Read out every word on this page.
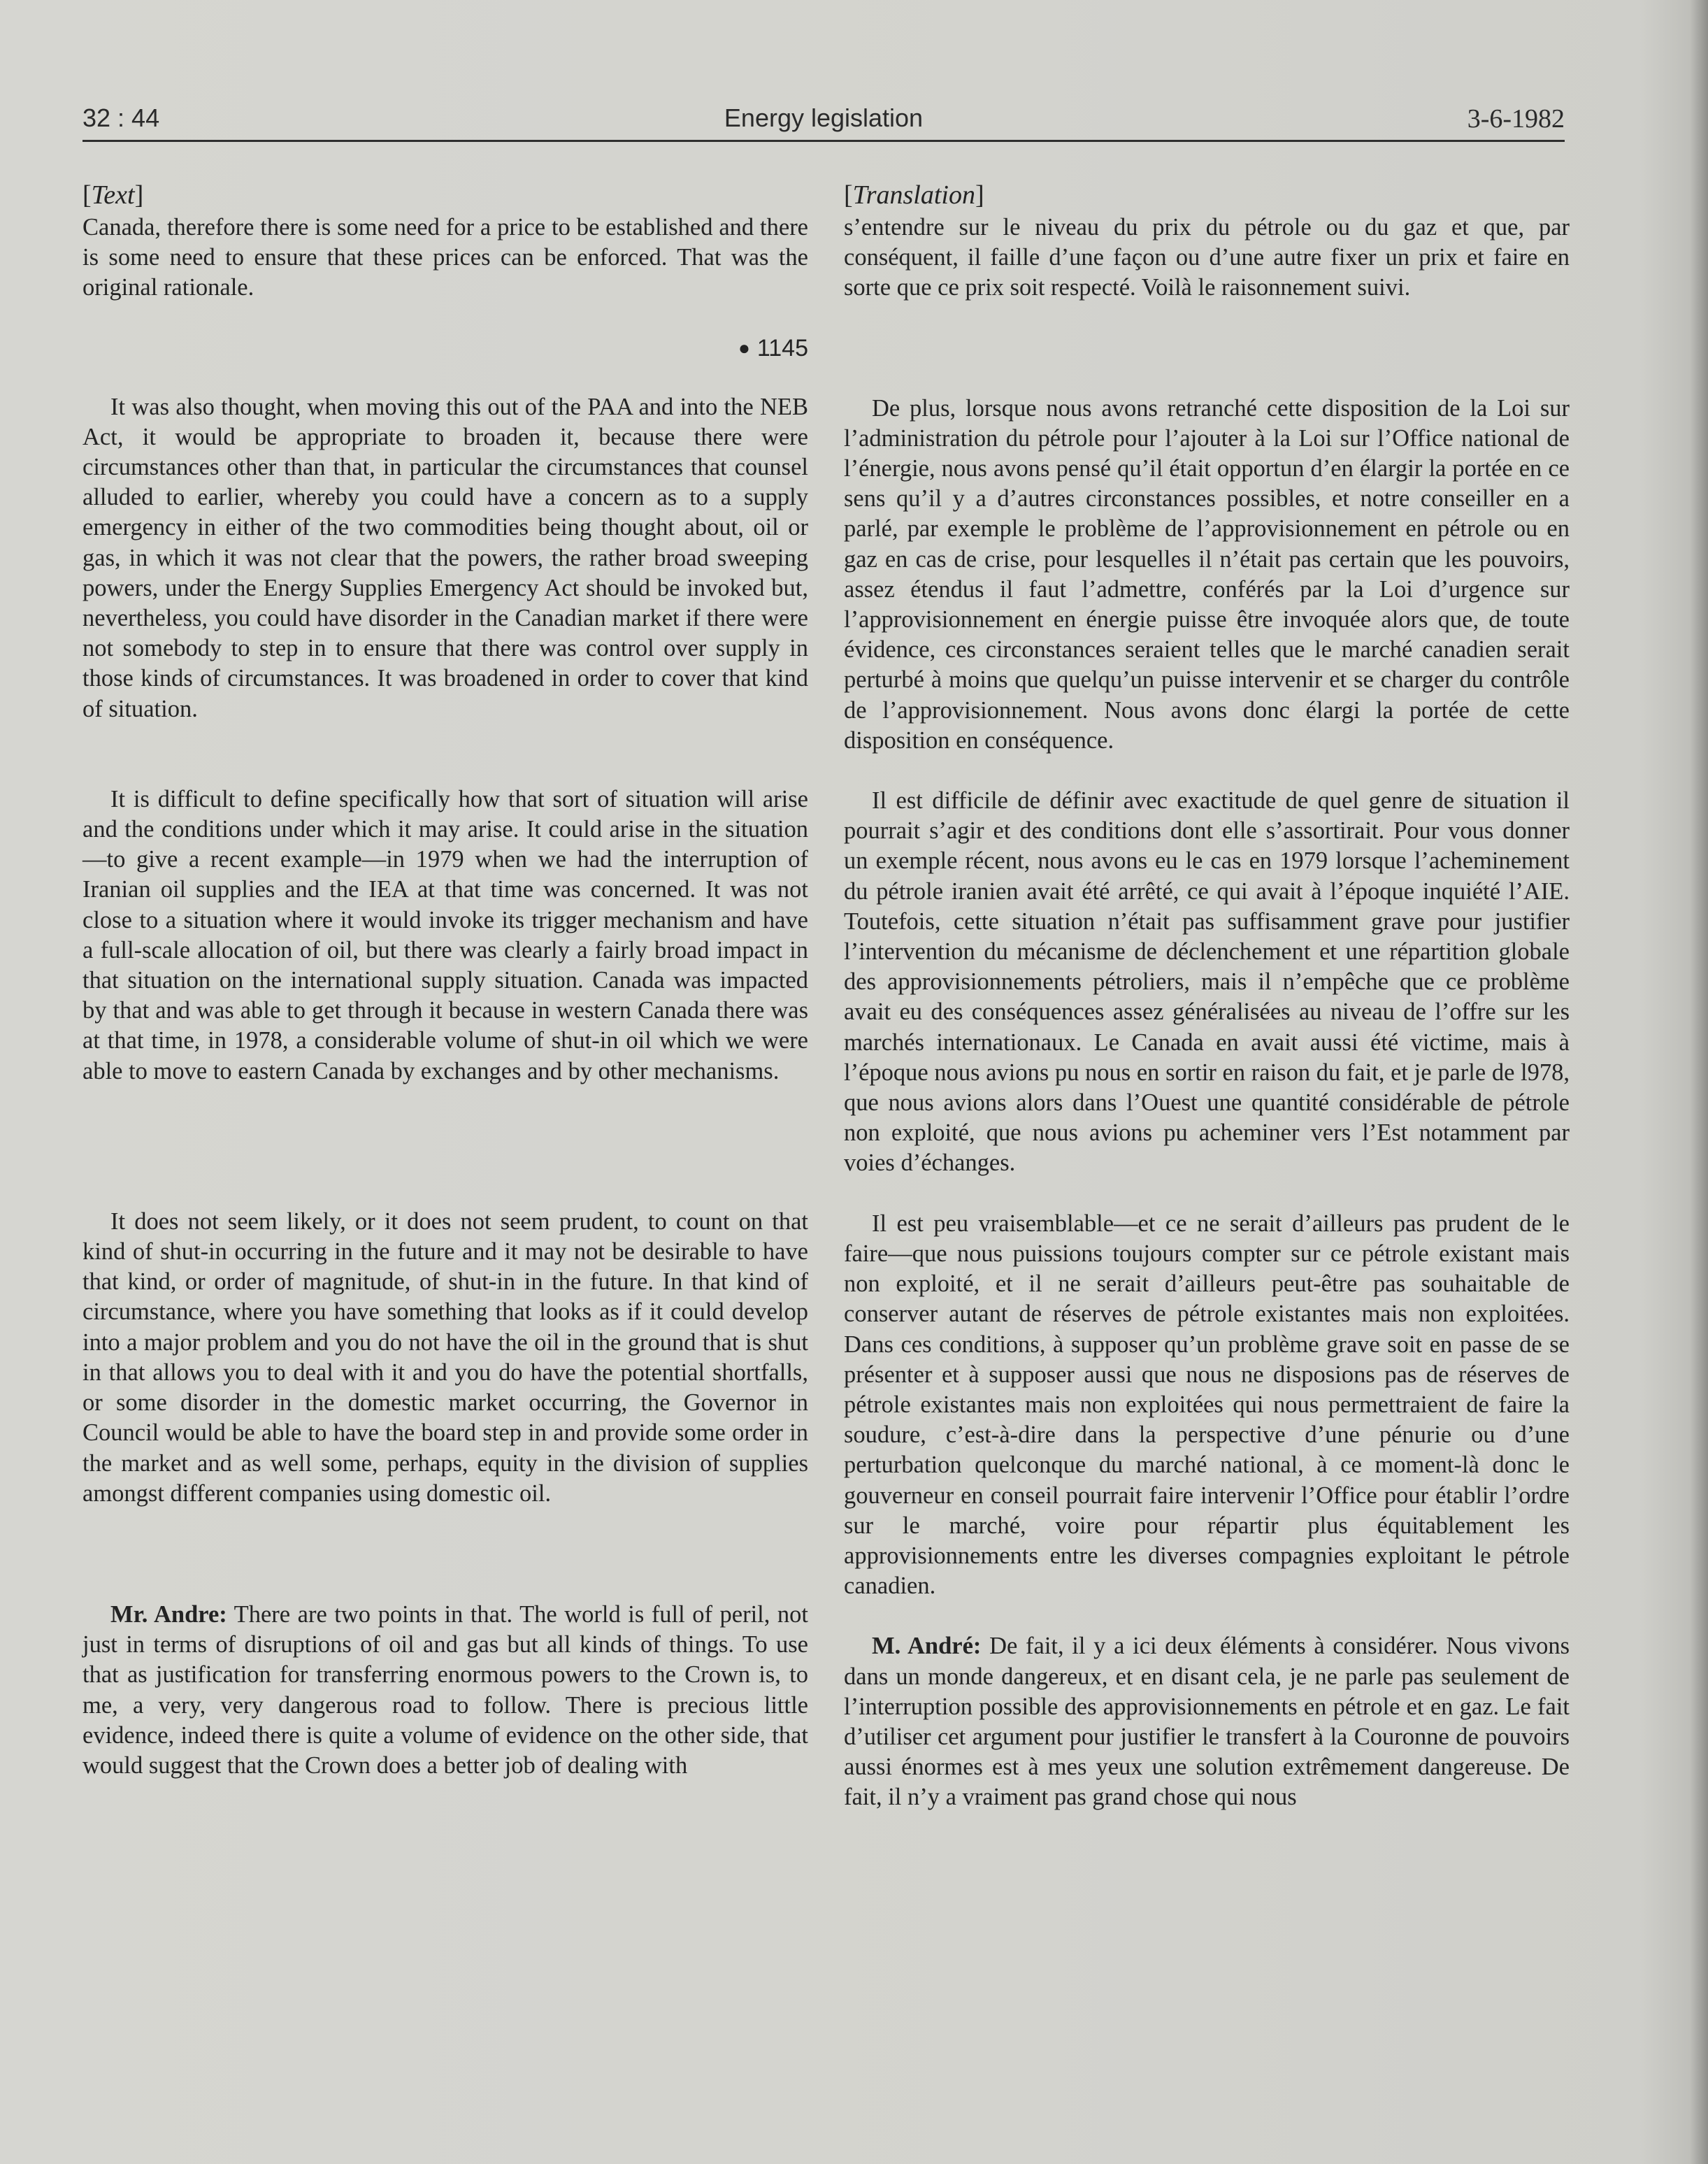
32 : 44	Energy legislation	3-6-1982
[Text]

Canada, therefore there is some need for a price to be established and there is some need to ensure that these prices can be enforced. That was the original rationale.

● 1145

It was also thought, when moving this out of the PAA and into the NEB Act, it would be appropriate to broaden it, because there were circumstances other than that, in particular the circumstances that counsel alluded to earlier, whereby you could have a concern as to a supply emergency in either of the two commodities being thought about, oil or gas, in which it was not clear that the powers, the rather broad sweeping powers, under the Energy Supplies Emergency Act should be invoked but, nevertheless, you could have disorder in the Canadian market if there were not somebody to step in to ensure that there was control over supply in those kinds of circumstances. It was broadened in order to cover that kind of situation.

It is difficult to define specifically how that sort of situation will arise and the conditions under which it may arise. It could arise in the situation—to give a recent example—in 1979 when we had the interruption of Iranian oil supplies and the IEA at that time was concerned. It was not close to a situation where it would invoke its trigger mechanism and have a full-scale allocation of oil, but there was clearly a fairly broad impact in that situation on the international supply situation. Canada was impacted by that and was able to get through it because in western Canada there was at that time, in 1978, a considerable volume of shut-in oil which we were able to move to eastern Canada by exchanges and by other mechanisms.

It does not seem likely, or it does not seem prudent, to count on that kind of shut-in occurring in the future and it may not be desirable to have that kind, or order of magnitude, of shut-in in the future. In that kind of circumstance, where you have something that looks as if it could develop into a major problem and you do not have the oil in the ground that is shut in that allows you to deal with it and you do have the potential shortfalls, or some disorder in the domestic market occurring, the Governor in Council would be able to have the board step in and provide some order in the market and as well some, perhaps, equity in the division of supplies amongst different companies using domestic oil.

Mr. Andre: There are two points in that. The world is full of peril, not just in terms of disruptions of oil and gas but all kinds of things. To use that as justification for transferring enormous powers to the Crown is, to me, a very, very dangerous road to follow. There is precious little evidence, indeed there is quite a volume of evidence on the other side, that would suggest that the Crown does a better job of dealing with

[Translation]

s’entendre sur le niveau du prix du pétrole ou du gaz et que, par conséquent, il faille d’une façon ou d’une autre fixer un prix et faire en sorte que ce prix soit respecté. Voilà le raisonnement suivi.

De plus, lorsque nous avons retranché cette disposition de la Loi sur l’administration du pétrole pour l’ajouter à la Loi sur l’Office national de l’énergie, nous avons pensé qu’il était opportun d’en élargir la portée en ce sens qu’il y a d’autres circonstances possibles, et notre conseiller en a parlé, par exemple le problème de l’approvisionnement en pétrole ou en gaz en cas de crise, pour lesquelles il n’était pas certain que les pouvoirs, assez étendus il faut l’admettre, conférés par la Loi d’urgence sur l’approvisionnement en énergie puisse être invoquée alors que, de toute évidence, ces circonstances seraient telles que le marché canadien serait perturbé à moins que quelqu’un puisse intervenir et se charger du contrôle de l’approvisionnement. Nous avons donc élargi la portée de cette disposition en conséquence.

Il est difficile de définir avec exactitude de quel genre de situation il pourrait s’agir et des conditions dont elle s’assortirait. Pour vous donner un exemple récent, nous avons eu le cas en 1979 lorsque l’acheminement du pétrole iranien avait été arrêté, ce qui avait à l’époque inquiété l’AIE. Toutefois, cette situation n’était pas suffisamment grave pour justifier l’intervention du mécanisme de déclenchement et une répartition globale des approvisionnements pétroliers, mais il n’empêche que ce problème avait eu des conséquences assez généralisées au niveau de l’offre sur les marchés internationaux. Le Canada en avait aussi été victime, mais à l’époque nous avions pu nous en sortir en raison du fait, et je parle de l978, que nous avions alors dans l’Ouest une quantité considérable de pétrole non exploité, que nous avions pu acheminer vers l’Est notamment par voies d’échanges.

Il est peu vraisemblable—et ce ne serait d’ailleurs pas prudent de le faire—que nous puissions toujours compter sur ce pétrole existant mais non exploité, et il ne serait d’ailleurs peut-être pas souhaitable de conserver autant de réserves de pétrole existantes mais non exploitées. Dans ces conditions, à supposer qu’un problème grave soit en passe de se présenter et à supposer aussi que nous ne disposions pas de réserves de pétrole existantes mais non exploitées qui nous permettraient de faire la soudure, c’est-à-dire dans la perspective d’une pénurie ou d’une perturbation quelconque du marché national, à ce moment-là donc le gouverneur en conseil pourrait faire intervenir l’Office pour établir l’ordre sur le marché, voire pour répartir plus équitablement les approvisionnements entre les diverses compagnies exploitant le pétrole canadien.

M. André: De fait, il y a ici deux éléments à considérer. Nous vivons dans un monde dangereux, et en disant cela, je ne parle pas seulement de l’interruption possible des approvisionnements en pétrole et en gaz. Le fait d’utiliser cet argument pour justifier le transfert à la Couronne de pouvoirs aussi énormes est à mes yeux une solution extrêmement dangereuse. De fait, il n’y a vraiment pas grand chose qui nous
